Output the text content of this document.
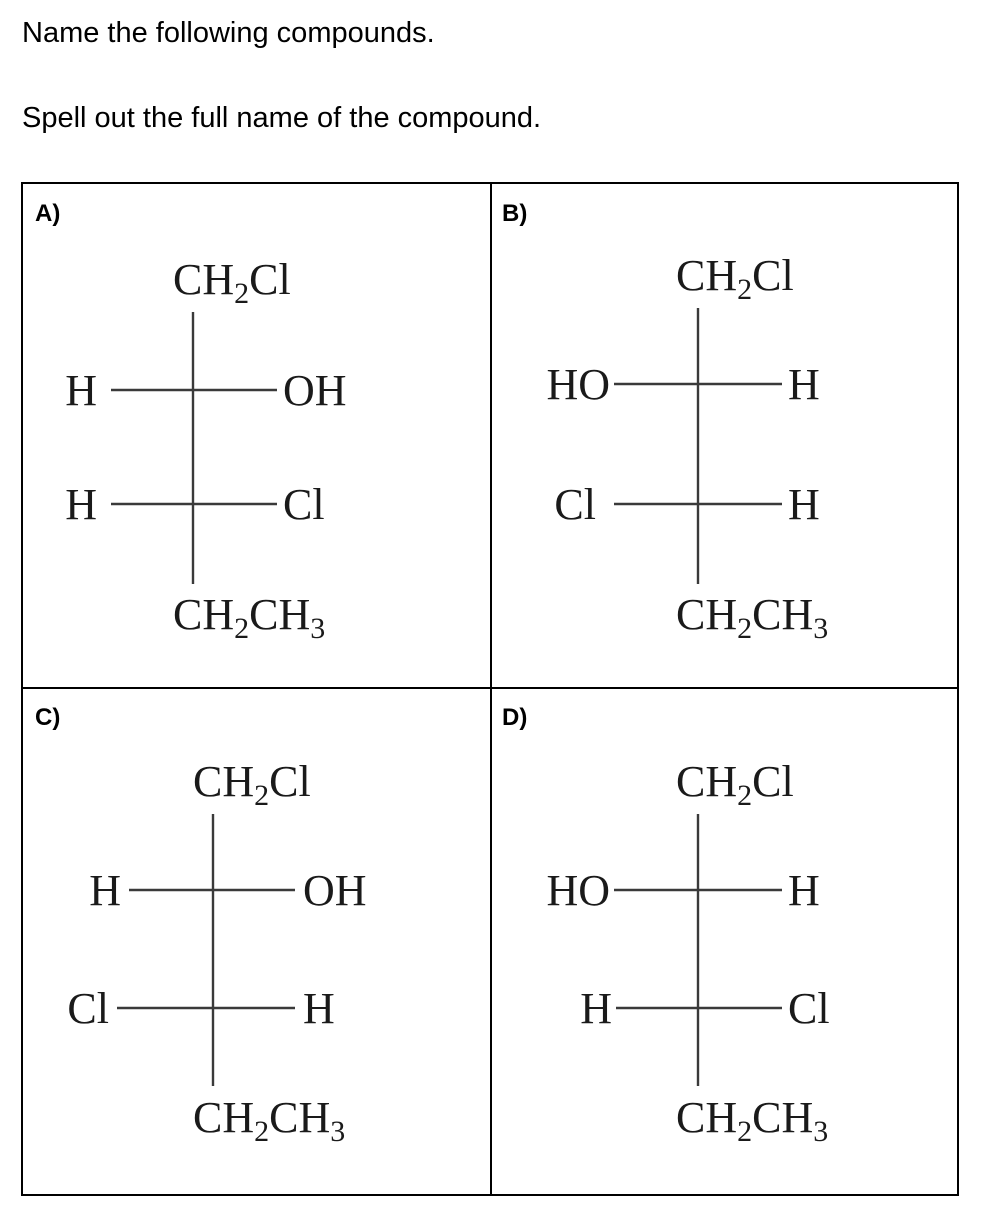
Name the following compounds.
Spell out the full name of the compound.
A)
$CH_2Cl$
H	OH
H	Cl
$CH_2CH_3$
B)
$CH_2Cl$
HO	H
Cl	H
$CH_2CH_3$
C)
$CH_2Cl$
H	OH
Cl	H
$CH_2CH_3$
D)
$CH_2Cl$
HO	H
H	Cl
$CH_2CH_3$
